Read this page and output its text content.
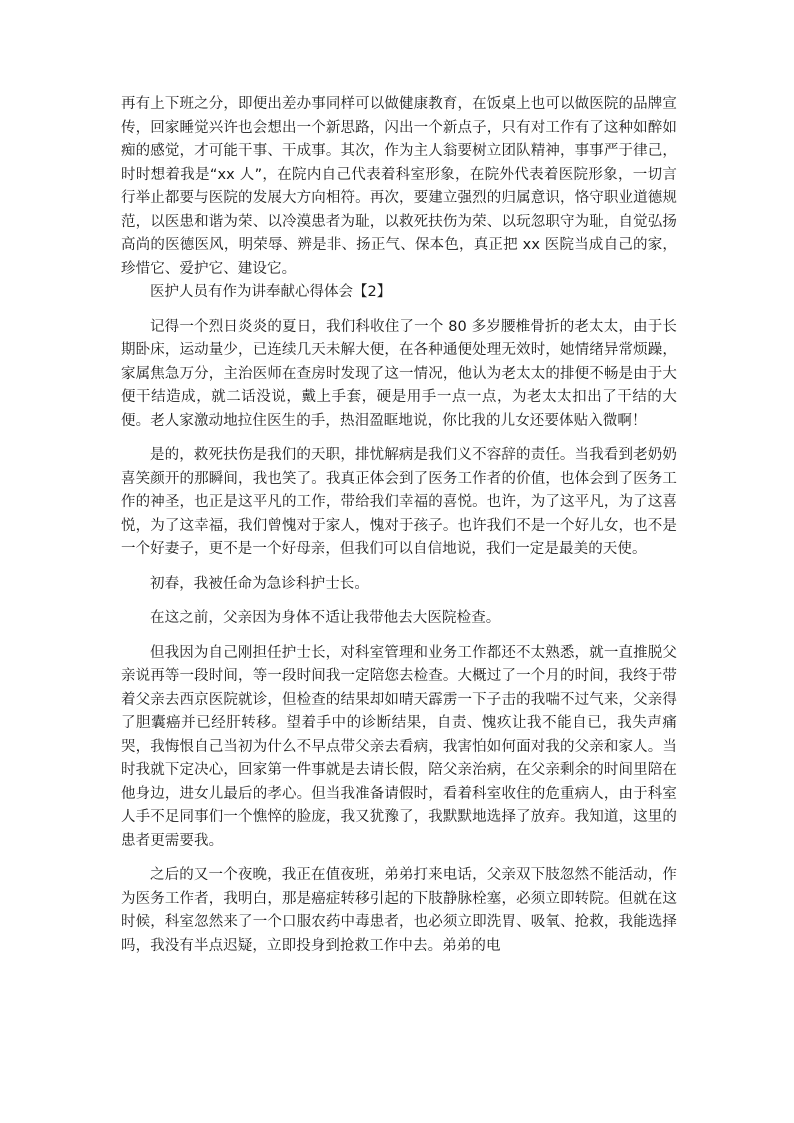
再有上下班之分，即便出差办事同样可以做健康教育，在饭桌上也可以做医院的品牌宣传，回家睡觉兴许也会想出一个新思路，闪出一个新点子，只有对工作有了这种如醉如痴的感觉，才可能干事、干成事。其次，作为主人翁要树立团队精神，事事严于律己，时时想着我是“xx 人”，在院内自己代表着科室形象，在院外代表着医院形象，一切言行举止都要与医院的发展大方向相符。再次，要建立强烈的归属意识，恪守职业道德规范，以医患和谐为荣、以冷漠患者为耻，以救死扶伤为荣、以玩忽职守为耻，自觉弘扬高尚的医德医风，明荣辱、辨是非、扬正气、保本色，真正把 xx 医院当成自己的家，珍惜它、爱护它、建设它。

医护人员有作为讲奉献心得体会【2】

记得一个烈日炎炎的夏日，我们科收住了一个 80 多岁腰椎骨折的老太太，由于长期卧床，运动量少，已连续几天未解大便，在各种通便处理无效时，她情绪异常烦躁，家属焦急万分，主治医师在查房时发现了这一情况，他认为老太太的排便不畅是由于大便干结造成，就二话没说，戴上手套，硬是用手一点一点，为老太太扣出了干结的大便。老人家激动地拉住医生的手，热泪盈眶地说，你比我的儿女还要体贴入微啊！

是的，救死扶伤是我们的天职，排忧解病是我们义不容辞的责任。当我看到老奶奶喜笑颜开的那瞬间，我也笑了。我真正体会到了医务工作者的价值，也体会到了医务工作的神圣，也正是这平凡的工作，带给我们幸福的喜悦。也许，为了这平凡，为了这喜悦，为了这幸福，我们曾愧对于家人，愧对于孩子。也许我们不是一个好儿女，也不是一个好妻子，更不是一个好母亲，但我们可以自信地说，我们一定是最美的天使。

初春，我被任命为急诊科护士长。

在这之前，父亲因为身体不适让我带他去大医院检查。

但我因为自己刚担任护士长，对科室管理和业务工作都还不太熟悉，就一直推脱父亲说再等一段时间，等一段时间我一定陪您去检查。大概过了一个月的时间，我终于带着父亲去西京医院就诊，但检查的结果却如晴天霹雳一下子击的我喘不过气来，父亲得了胆囊癌并已经肝转移。望着手中的诊断结果，自责、愧疚让我不能自已，我失声痛哭，我悔恨自己当初为什么不早点带父亲去看病，我害怕如何面对我的父亲和家人。当时我就下定决心，回家第一件事就是去请长假，陪父亲治病，在父亲剩余的时间里陪在他身边，进女儿最后的孝心。但当我准备请假时，看着科室收住的危重病人，由于科室人手不足同事们一个憔悴的脸庞，我又犹豫了，我默默地选择了放弃。我知道，这里的患者更需要我。

之后的又一个夜晚，我正在值夜班，弟弟打来电话，父亲双下肢忽然不能活动，作为医务工作者，我明白，那是癌症转移引起的下肢静脉栓塞，必须立即转院。但就在这时候，科室忽然来了一个口服农药中毒患者，也必须立即洗胃、吸氧、抢救，我能选择吗，我没有半点迟疑，立即投身到抢救工作中去。弟弟的电
